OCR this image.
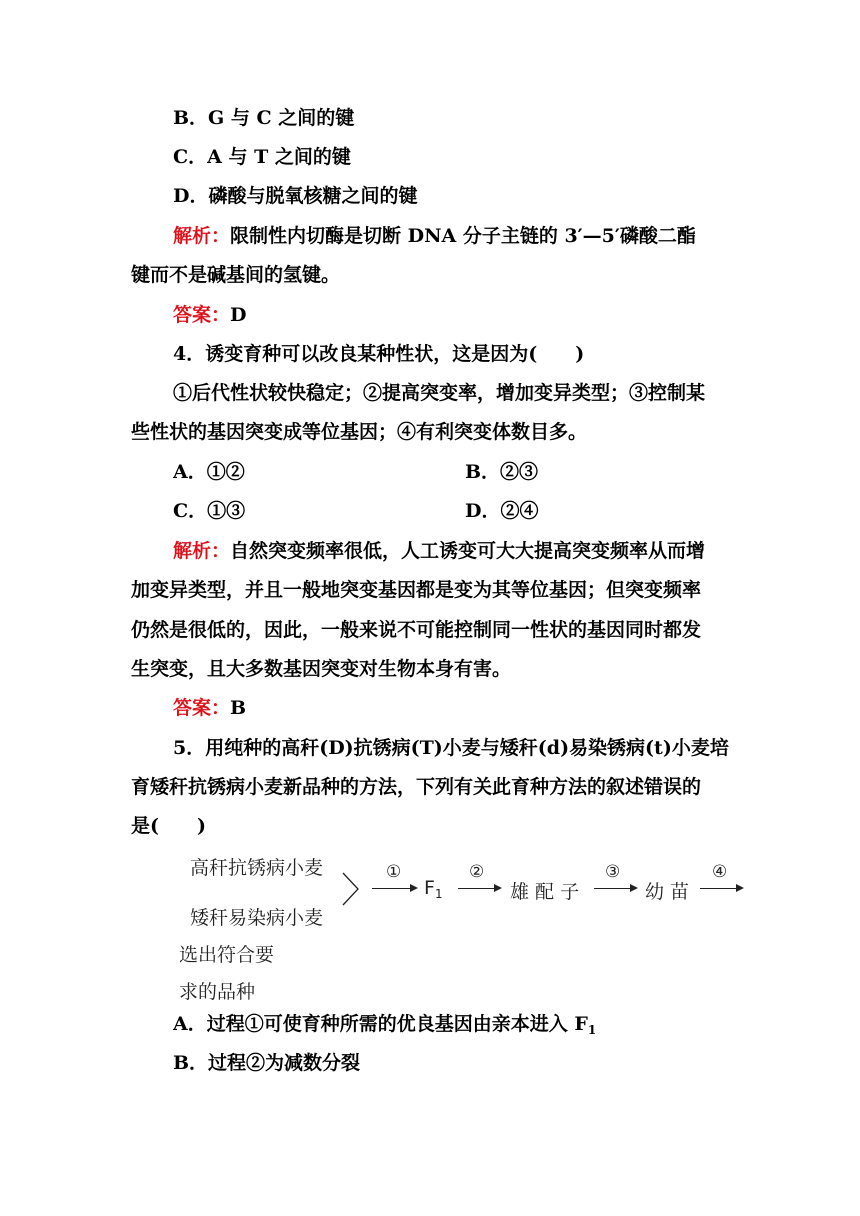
B．G 与 C 之间的键
C．A 与 T 之间的键
D．磷酸与脱氧核糖之间的键
解析：限制性内切酶是切断 DNA 分子主链的 3′—5′磷酸二酯
键而不是碱基间的氢键。
答案：D
4．诱变育种可以改良某种性状，这是因为(　　)
①后代性状较快稳定；②提高突变率，增加变异类型；③控制某
些性状的基因突变成等位基因；④有利突变体数目多。
A．①②	B．②③
C．①③	D．②④
解析：自然突变频率很低，人工诱变可大大提高突变频率从而增
加变异类型，并且一般地突变基因都是变为其等位基因；但突变频率
仍然是很低的，因此，一般来说不可能控制同一性状的基因同时都发
生突变，且大多数基因突变对生物本身有害。
答案：B
5．用纯种的高秆(D)抗锈病(T)小麦与矮秆(d)易染锈病(t)小麦培
育矮秆抗锈病小麦新品种的方法，下列有关此育种方法的叙述错误的
是(　　)
高秆抗锈病小麦
矮秆易染病小麦
①
$F_1$
②
雄 配 子
③
幼 苗
④
选出符合要
求的品种
A．过程①可使育种所需的优良基因由亲本进入 $F_1$
B．过程②为减数分裂
